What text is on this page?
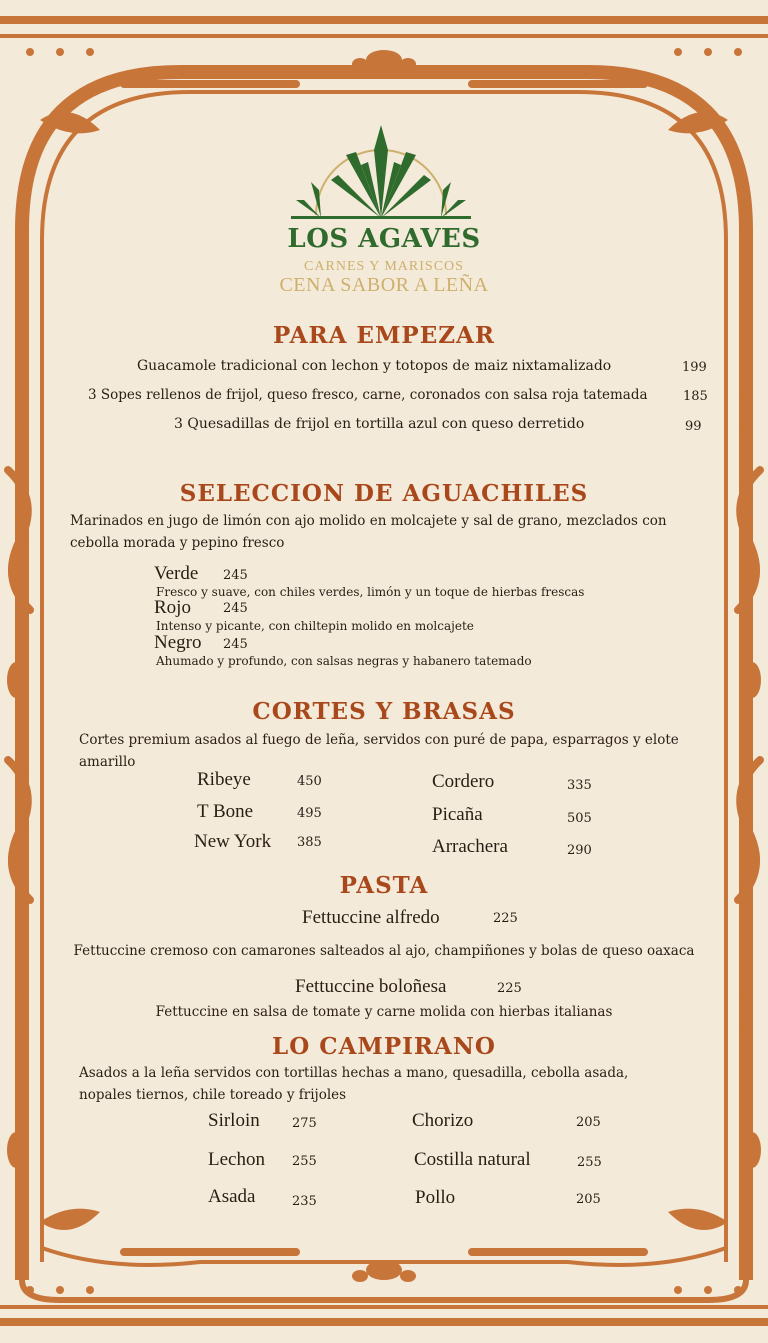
LOS AGAVES
CARNES Y MARISCOS
CENA SABOR A LEÑA
PARA EMPEZAR
Guacamole tradicional con lechon y totopos de maiz nixtamalizado	199
3 Sopes rellenos de frijol, queso fresco, carne, coronados con salsa roja tatemada	185
3 Quesadillas de frijol en tortilla azul con queso derretido	99
SELECCION DE AGUACHILES
Marinados en jugo de limón con ajo molido en molcajete y sal de grano, mezclados con cebolla morada y pepino fresco
Verde 245
Fresco y suave, con chiles verdes, limón y un toque de hierbas frescas
Rojo 245
Intenso y picante, con chiltepin molido en molcajete
Negro 245
Ahumado y profundo, con salsas negras y habanero tatemado
CORTES Y BRASAS
Cortes premium asados al fuego de leña, servidos con puré de papa, esparragos y elote amarillo
Ribeye	450
T Bone	495
New York 385
Cordero	335
Picaña	505
Arrachera	290
PASTA
Fettuccine alfredo	225
Fettuccine cremoso con camarones salteados al ajo, champiñones y bolas de queso oaxaca
Fettuccine boloñesa	225
Fettuccine en salsa de tomate y carne molida con hierbas italianas
LO CAMPIRANO
Asados a la leña servidos con tortillas hechas a mano, quesadilla, cebolla asada, nopales tiernos, chile toreado y frijoles
Sirloin 275
Lechon 255
Asada	235
Chorizo	205
Costilla natural	255
Pollo	205
